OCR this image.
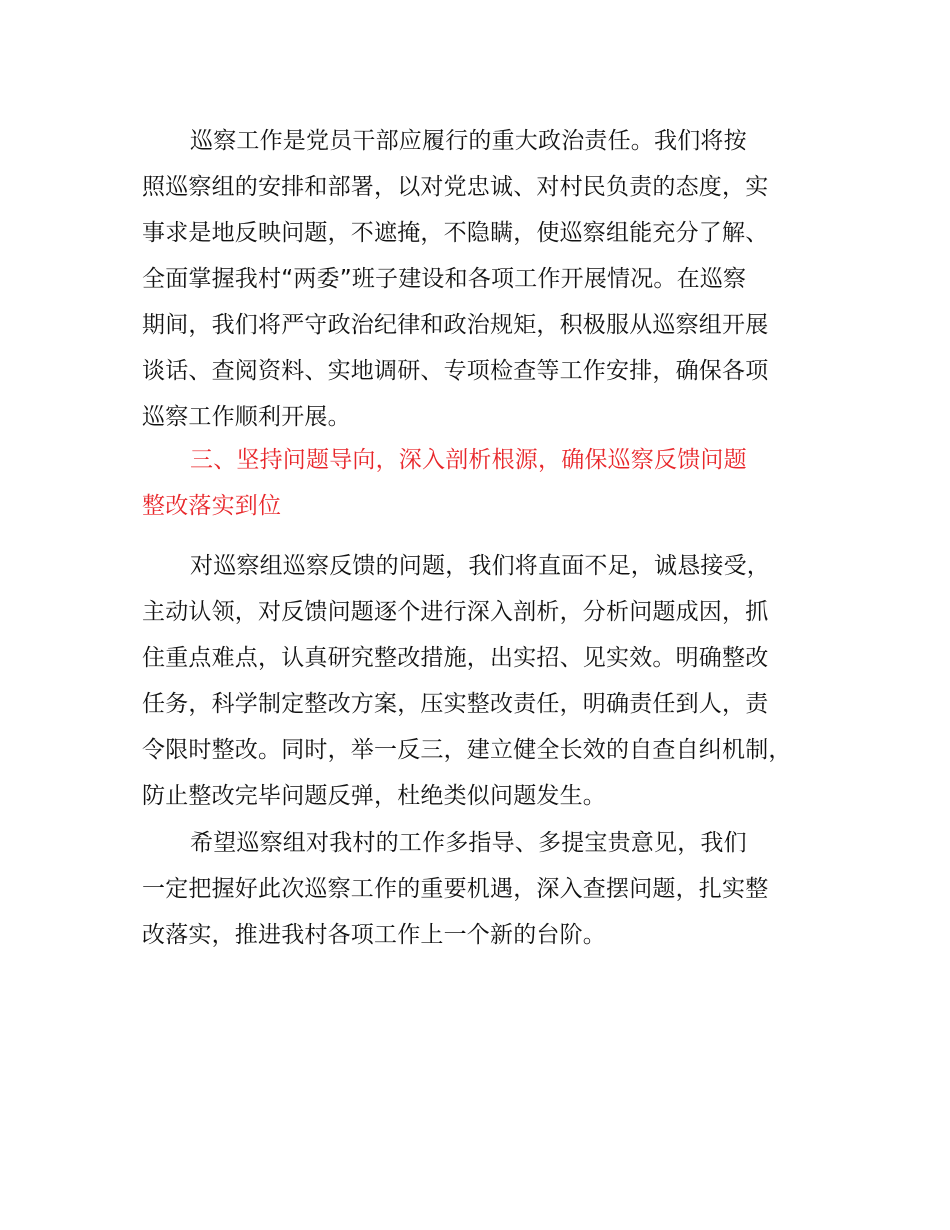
巡察工作是党员干部应履行的重大政治责任。我们将按
照巡察组的安排和部署，以对党忠诚、对村民负责的态度，实
事求是地反映问题，不遮掩，不隐瞒，使巡察组能充分了解、
全面掌握我村“两委”班子建设和各项工作开展情况。在巡察
期间，我们将严守政治纪律和政治规矩，积极服从巡察组开展
谈话、查阅资料、实地调研、专项检查等工作安排，确保各项
巡察工作顺利开展。
三、坚持问题导向，深入剖析根源，确保巡察反馈问题
整改落实到位
对巡察组巡察反馈的问题，我们将直面不足，诚恳接受，
主动认领，对反馈问题逐个进行深入剖析，分析问题成因，抓
住重点难点，认真研究整改措施，出实招、见实效。明确整改
任务，科学制定整改方案，压实整改责任，明确责任到人，责
令限时整改。同时，举一反三，建立健全长效的自查自纠机制，
防止整改完毕问题反弹，杜绝类似问题发生。
希望巡察组对我村的工作多指导、多提宝贵意见，我们
一定把握好此次巡察工作的重要机遇，深入查摆问题，扎实整
改落实，推进我村各项工作上一个新的台阶。
